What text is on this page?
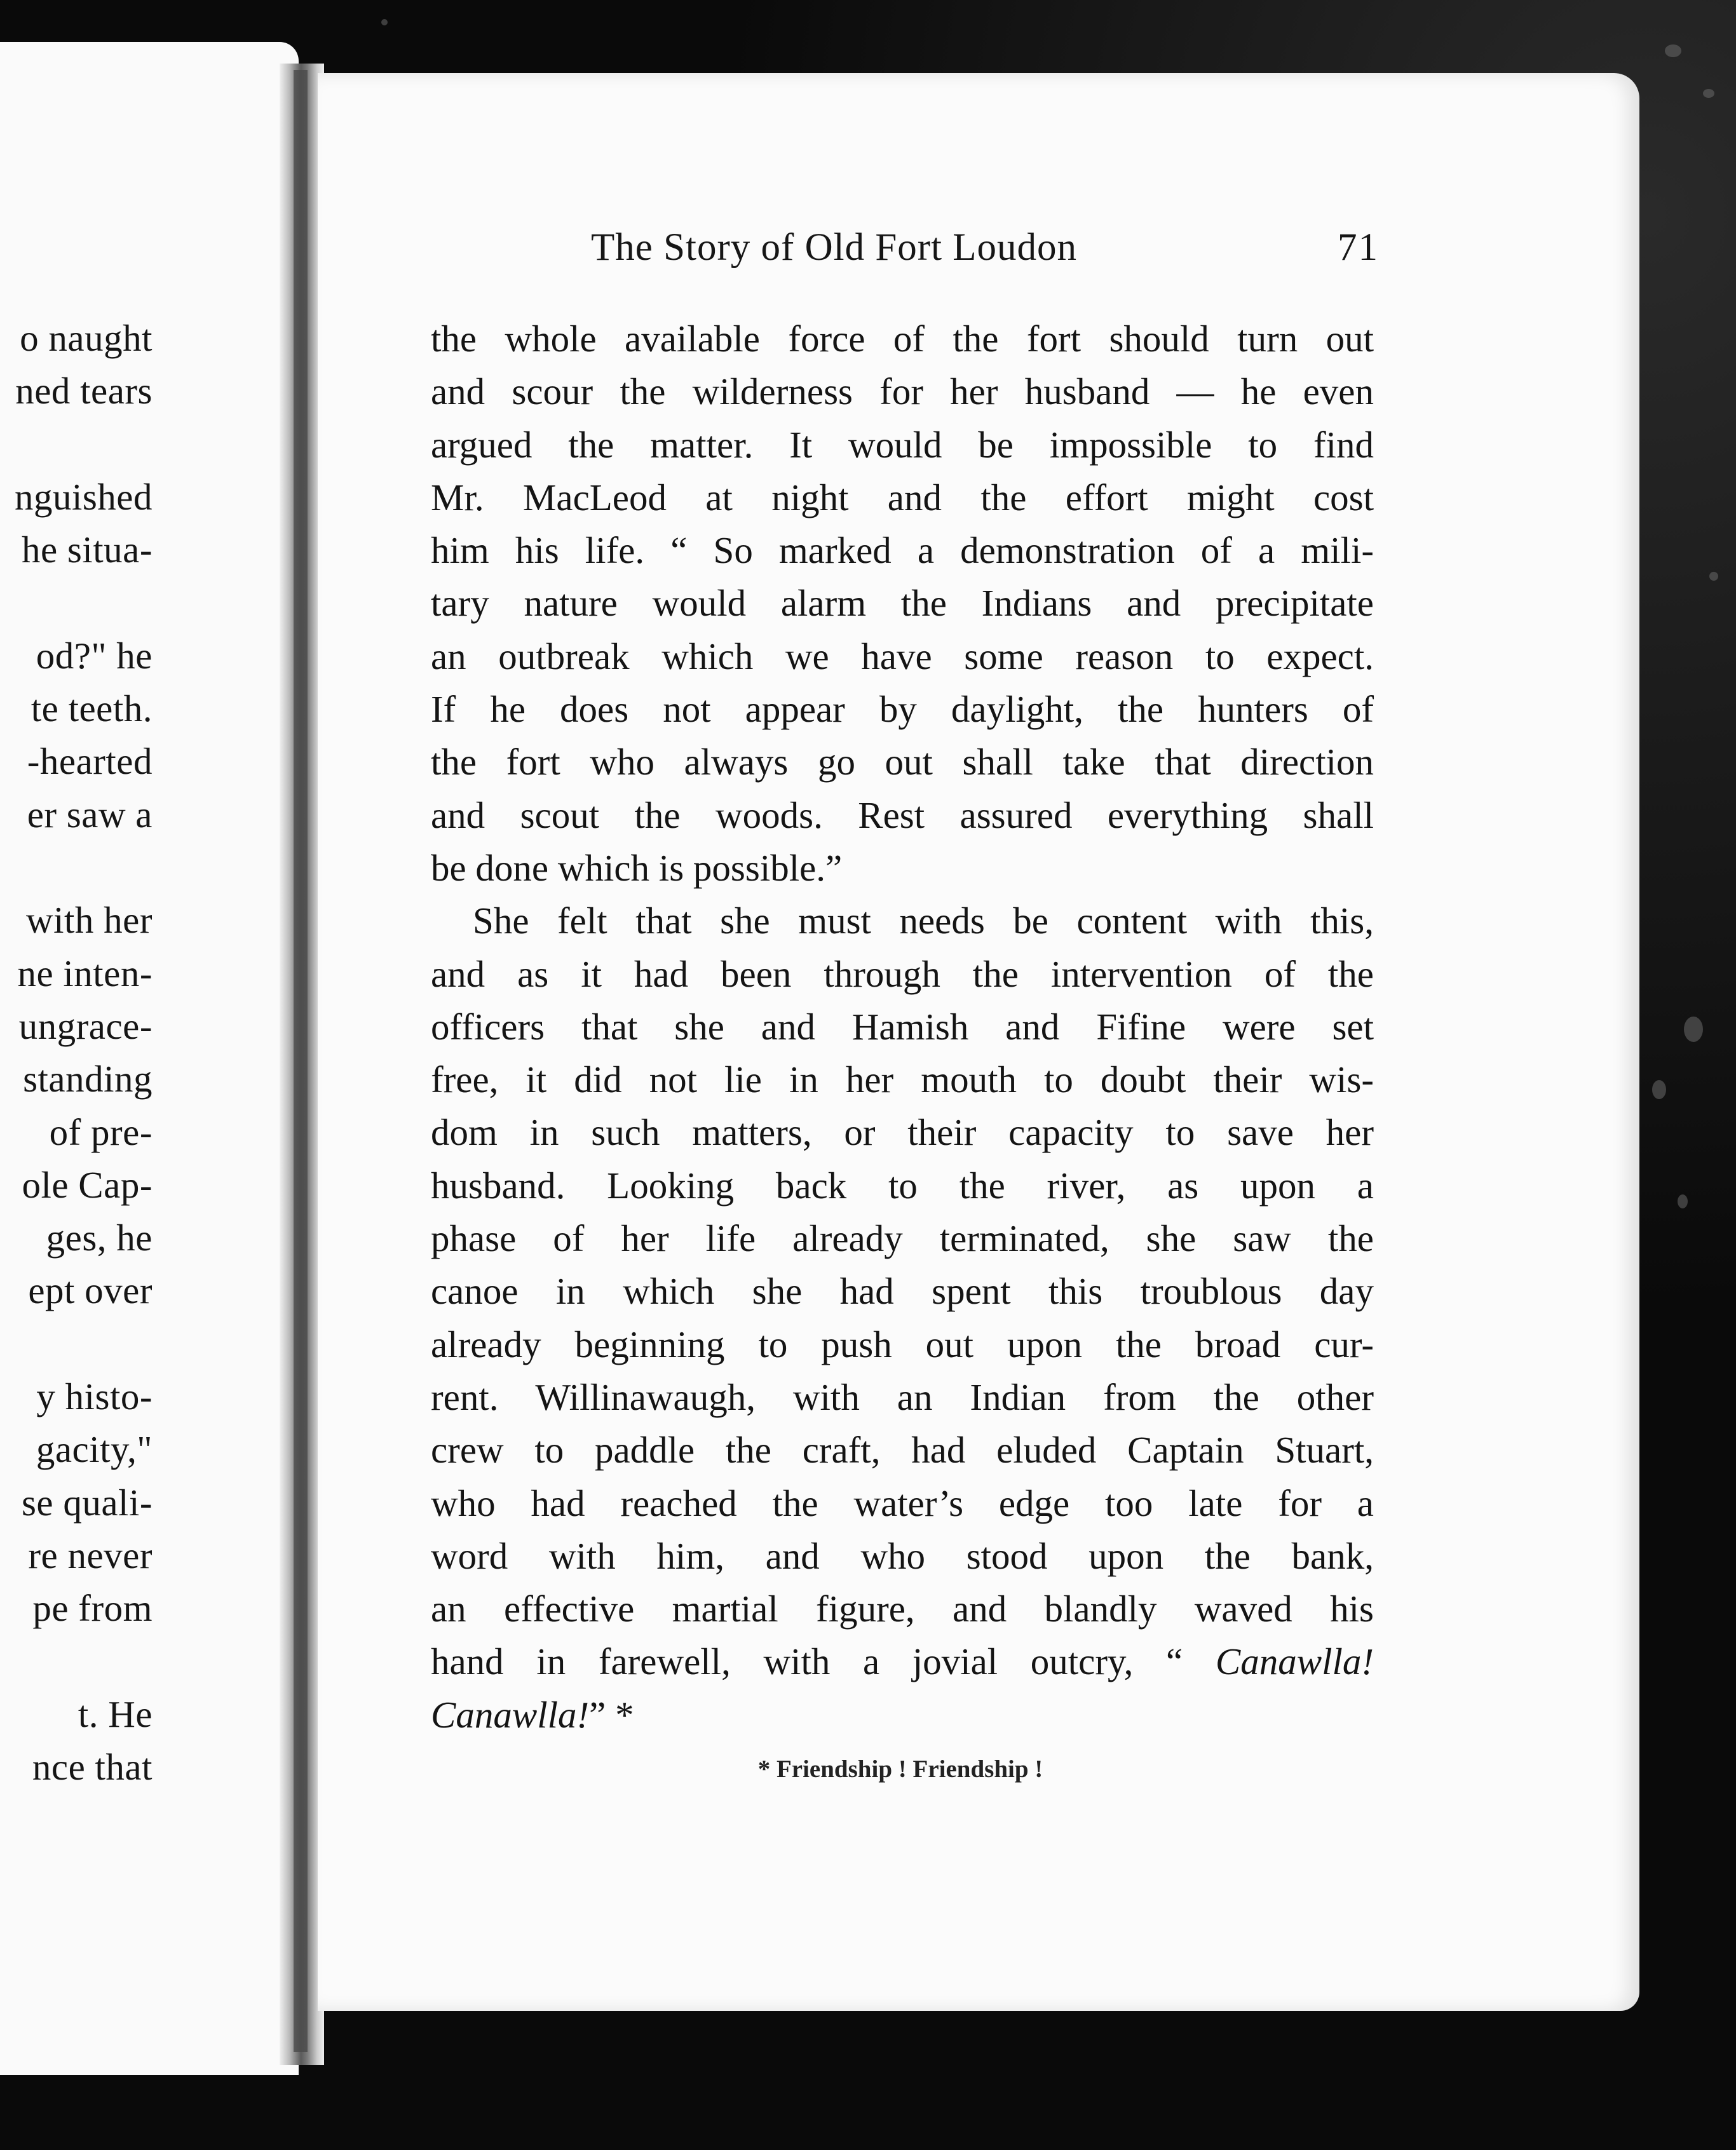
o naught
ned tears
nguished
he situa-
od?" he
te teeth.
-hearted
er saw a
with her
ne inten-
ungrace-
standing
of pre-
ole Cap-
ges, he
ept over
y histo-
gacity,"
se quali-
re never
pe from
t. He
nce that
The Story of Old Fort Loudon	71
the whole available force of the fort should turn out
and scour the wilderness for her husband — he even
argued the matter. It would be impossible to find
Mr. MacLeod at night and the effort might cost
him his life. “ So marked a demonstration of a mili-
tary nature would alarm the Indians and precipitate
an outbreak which we have some reason to expect.
If he does not appear by daylight, the hunters of
the fort who always go out shall take that direction
and scout the woods. Rest assured everything shall
be done which is possible.”
She felt that she must needs be content with this,
and as it had been through the intervention of the
officers that she and Hamish and Fifine were set
free, it did not lie in her mouth to doubt their wis-
dom in such matters, or their capacity to save her
husband. Looking back to the river, as upon a
phase of her life already terminated, she saw the
canoe in which she had spent this troublous day
already beginning to push out upon the broad cur-
rent. Willinawaugh, with an Indian from the other
crew to paddle the craft, had eluded Captain Stuart,
who had reached the water’s edge too late for a
word with him, and who stood upon the bank,
an effective martial figure, and blandly waved his
hand in farewell, with a jovial outcry, “ Canawlla!
Canawlla!” *
* Friendship ! Friendship !
